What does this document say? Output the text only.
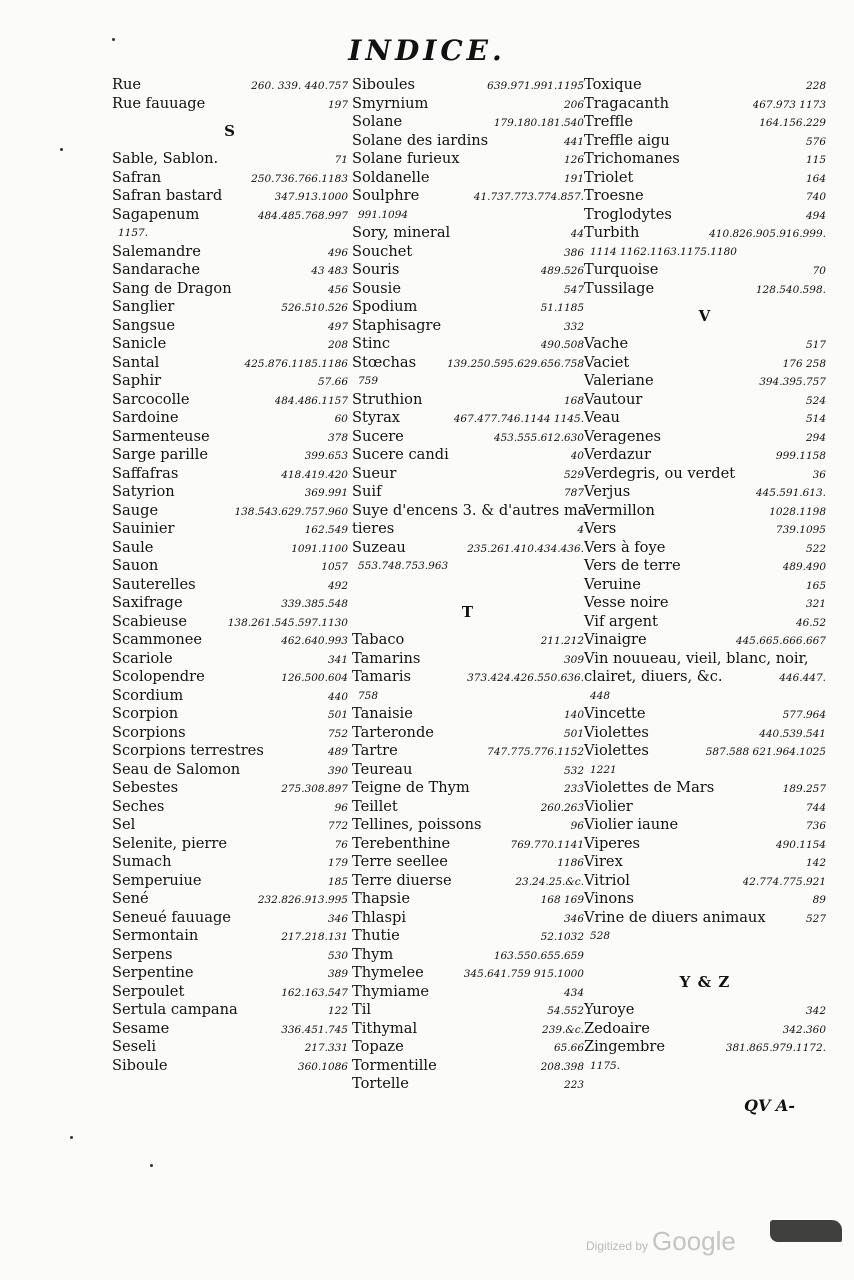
INDICE.
Rue	260. 339. 440.757
Rue fauuage	197
S
Sable, Sablon.	71
Safran	250.736.766.1183
Safran bastard	347.913.1000
Sagapenum	484.485.768.997
1157.
Salemandre	496
Sandarache	43 483
Sang de Dragon	456
Sanglier	526.510.526
Sangsue	497
Sanicle	208
Santal	425.876.1185.1186
Saphir	57.66
Sarcocolle	484.486.1157
Sardoine	60
Sarmenteuse	378
Sarge parille	399.653
Saffafras	418.419.420
Satyrion	369.991
Sauge	138.543.629.757.960
Sauinier	162.549
Saule	1091.1100
Sauon	1057
Sauterelles	492
Saxifrage	339.385.548
Scabieuse	138.261.545.597.1130
Scammonee	462.640.993
Scariole	341
Scolopendre	126.500.604
Scordium	440
Scorpion	501
Scorpions	752
Scorpions terrestres	489
Seau de Salomon	390
Sebestes	275.308.897
Seches	96
Sel	772
Selenite, pierre	76
Sumach	179
Semperuiue	185
Sené	232.826.913.995
Seneué fauuage	346
Sermontain	217.218.131
Serpens	530
Serpentine	389
Serpoulet	162.163.547
Sertula campana	122
Sesame	336.451.745
Seseli	217.331
Siboule	360.1086
Siboules	639.971.991.1195
Smyrnium	206
Solane	179.180.181.540
Solane des iardins	441
Solane furieux	126
Soldanelle	191
Soulphre	41.737.773.774.857.
991.1094
Sory, mineral	44
Souchet	386
Souris	489.526
Sousie	547
Spodium	51.1185
Staphisagre	332
Stinc	490.508
Stœchas	139.250.595.629.656.758
759
Struthion	168
Styrax	467.477.746.1144 1145.
Sucere	453.555.612.630
Sucere candi	40
Sueur	529
Suif	787
Suye d'encens 3. & d'autres ma-
tieres	4
Suzeau	235.261.410.434.436.
553.748.753.963
T
Tabaco	211.212
Tamarins	309
Tamaris	373.424.426.550.636.
758
Tanaisie	140
Tarteronde	501
Tartre	747.775.776.1152
Teureau	532
Teigne de Thym	233
Teillet	260.263
Tellines, poissons	96
Terebenthine	769.770.1141
Terre seellee	1186
Terre diuerse	23.24.25.&c.
Thapsie	168 169
Thlaspi	346
Thutie	52.1032
Thym	163.550.655.659
Thymelee	345.641.759 915.1000
Thymiame	434
Til	54.552
Tithymal	239.&c.
Topaze	65.66
Tormentille	208.398
Tortelle	223
Toxique	228
Tragacanth	467.973 1173
Treffle	164.156.229
Treffle aigu	576
Trichomanes	115
Triolet	164
Troesne	740
Troglodytes	494
Turbith	410.826.905.916.999.
1114 1162.1163.1175.1180
Turquoise	70
Tussilage	128.540.598.
V
Vache	517
Vaciet	176 258
Valeriane	394.395.757
Vautour	524
Veau	514
Veragenes	294
Verdazur	999.1158
Verdegris, ou verdet	36
Verjus	445.591.613.
Vermillon	1028.1198
Vers	739.1095
Vers à foye	522
Vers de terre	489.490
Veruine	165
Vesse noire	321
Vif argent	46.52
Vinaigre	445.665.666.667
Vin nouueau, vieil, blanc, noir,
clairet, diuers, &c.	446.447.
448
Vincette	577.964
Violettes	440.539.541
Violettes	587.588 621.964.1025
1221
Violettes de Mars	189.257
Violier	744
Violier iaune	736
Viperes	490.1154
Virex	142
Vitriol	42.774.775.921
Vinons	89
Vrine de diuers animaux	527
528
Y & Z
Yuroye	342
Zedoaire	342.360
Zingembre	381.865.979.1172.
1175.
QV A-
Digitized by Google
